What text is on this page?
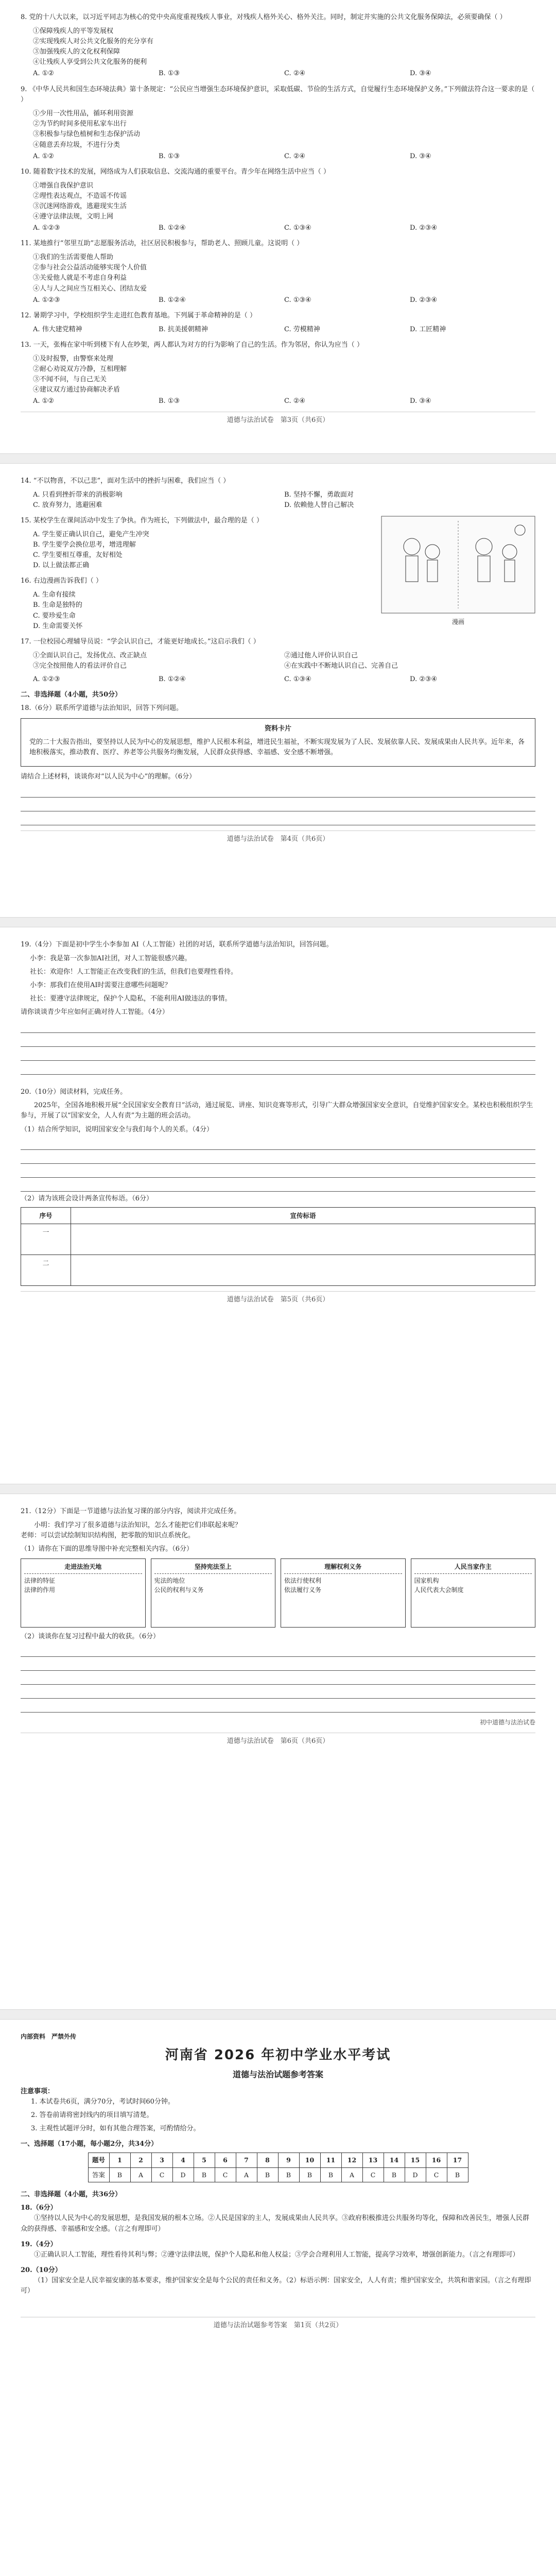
8. 党的十八大以来，以习近平同志为核心的党中央高度重视残疾人事业，对残疾人格外关心、格外关注。同时，制定并实施的公共文化服务保障法，必须要确保（ ）

①保障残疾人的平等发展权
②实现残疾人对公共文化服务的充分享有
③加强残疾人的文化权利保障
④让残疾人享受到公共文化服务的便利
A. ①②	B. ①③	C. ②④	D. ③④

9. 《中华人民共和国生态环境法典》第十条规定：“公民应当增强生态环境保护意识，采取低碳、节俭的生活方式，自觉履行生态环境保护义务。”下列做法符合这一要求的是（ ）

①少用一次性用品，循环利用资源
②为节约时间多使用私家车出行
③积极参与绿色植树和生态保护活动
④随意丢弃垃圾，不进行分类
A. ①②	B. ①③	C. ②④	D. ③④

10. 随着数字技术的发展，网络成为人们获取信息、交流沟通的重要平台。青少年在网络生活中应当（ ）

①增强自我保护意识
②理性表达观点，不造谣不传谣
③沉迷网络游戏，逃避现实生活
④遵守法律法规，文明上网
A. ①②③	B. ①②④	C. ①③④	D. ②③④

11. 某地推行“邻里互助”志愿服务活动，社区居民积极参与，帮助老人、照顾儿童。这说明（ ）

①我们的生活需要他人帮助
②参与社会公益活动能够实现个人价值
③关爱他人就是不考虑自身利益
④人与人之间应当互相关心、团结友爱
A. ①②③	B. ①②④	C. ①③④	D. ②③④

12. 暑期学习中，学校组织学生走进红色教育基地。下列属于革命精神的是（ ）

A. 伟大建党精神	B. 抗美援朝精神	C. 劳模精神	D. 工匠精神

13. 一天，张梅在家中听到楼下有人在吵架，两人都认为对方的行为影响了自己的生活。作为邻居，你认为应当（ ）

①及时报警，由警察来处理
②耐心劝说双方冷静，互相理解
③不闻不问，与自己无关
④建议双方通过协商解决矛盾
A. ①②	B. ①③	C. ②④	D. ③④
道德与法治试卷　第3页（共6页）

14. “不以物喜，不以己悲”，面对生活中的挫折与困难，我们应当（ ）

A. 只看到挫折带来的消极影响	B. 坚持不懈，勇敢面对
C. 放弃努力，逃避困难	D. 依赖他人替自己解决

15. 某校学生在课间活动中发生了争执。作为班长，下列做法中，最合理的是（ ）

A. 学生要正确认识自己，避免产生冲突
B. 学生要学会换位思考，增进理解
C. 学生要相互尊重，友好相处
D. 以上做法都正确

16. 右边漫画告诉我们（ ）

A. 生命有接续
B. 生命是独特的
C. 要珍爱生命
D. 生命需要关怀
漫画

17. 一位校园心理辅导员说：“学会认识自己，才能更好地成长。”这启示我们（ ）

①全面认识自己，发扬优点、改正缺点	②通过他人评价认识自己
③完全按照他人的看法评价自己	④在实践中不断地认识自己、完善自己
A. ①②③	B. ①②④	C. ①③④	D. ②③④
二、非选择题（4小题，共50分）

18.（6分）联系所学道德与法治知识，回答下列问题。

资料卡片

党的二十大报告指出，要坚持以人民为中心的发展思想，维护人民根本利益，增进民生福祉，不断实现发展为了人民、发展依靠人民、发展成果由人民共享。近年来，各地积极落实，推动教育、医疗、养老等公共服务均衡发展，人民群众获得感、幸福感、安全感不断增强。

请结合上述材料，谈谈你对“以人民为中心”的理解。（6分）

道德与法治试卷　第4页（共6页）

19.（4分）下面是初中学生小李参加 AI（人工智能）社团的对话，联系所学道德与法治知识，回答问题。

小李：我是第一次参加AI社团，对人工智能很感兴趣。

社长：欢迎你！人工智能正在改变我们的生活，但我们也要理性看待。

小李：那我们在使用AI时需要注意哪些问题呢？

社长：要遵守法律规定，保护个人隐私，不能利用AI做违法的事情。

请你谈谈青少年应如何正确对待人工智能。（4分）

20.（10分）阅读材料，完成任务。

2025年，全国各地积极开展“全民国家安全教育日”活动，通过展览、讲座、知识竞赛等形式，引导广大群众增强国家安全意识，自觉维护国家安全。某校也积极组织学生参与，开展了以“国家安全，人人有责”为主题的班会活动。

（1）结合所学知识，说明国家安全与我们每个人的关系。（4分）

（2）请为该班会设计两条宣传标语。（6分）

序号	宣传标语
一	
二	
道德与法治试卷　第5页（共6页）

21.（12分）下面是一节道德与法治复习课的部分内容，阅读并完成任务。

小明：我们学习了很多道德与法治知识，怎么才能把它们串联起来呢？
老师：可以尝试绘制知识结构图，把零散的知识点系统化。

（1）请你在下面的思维导图中补充完整相关内容。（6分）

走进法治天地
法律的特征
法律的作用
坚持宪法至上
宪法的地位
公民的权利与义务
理解权利义务
依法行使权利
依法履行义务
人民当家作主
国家机构
人民代表大会制度

（2）谈谈你在复习过程中最大的收获。（6分）

初中道德与法治试卷
道德与法治试卷　第6页（共6页）
内部资料　严禁外传
河南省 2026 年初中学业水平考试
道德与法治试题参考答案
注意事项：

1. 本试卷共6页，满分70分，考试时间60分钟。

2. 答卷前请将密封线内的项目填写清楚。

3. 主观性试题评分时，如有其他合理答案，可酌情给分。

一、选择题（17小题，每小题2分，共34分）
题号	1	2	3	4	5	6	7	8	9	10	11	12	13	14	15	16	17
答案	B	A	C	D	B	C	A	B	B	B	B	A	C	B	D	C	B
二、非选择题（4小题，共36分）
18.（6分）

①坚持以人民为中心的发展思想，是我国发展的根本立场。②人民是国家的主人，发展成果由人民共享。③政府积极推进公共服务均等化，保障和改善民生，增强人民群众的获得感、幸福感和安全感。（言之有理即可）

19.（4分）

①正确认识人工智能，理性看待其利与弊；②遵守法律法规，保护个人隐私和他人权益；③学会合理利用人工智能，提高学习效率，增强创新能力。（言之有理即可）

20.（10分）

（1）国家安全是人民幸福安康的基本要求，维护国家安全是每个公民的责任和义务。（2）标语示例：国家安全，人人有责；维护国家安全，共筑和谐家园。（言之有理即可）

道德与法治试题参考答案　第1页（共2页）
